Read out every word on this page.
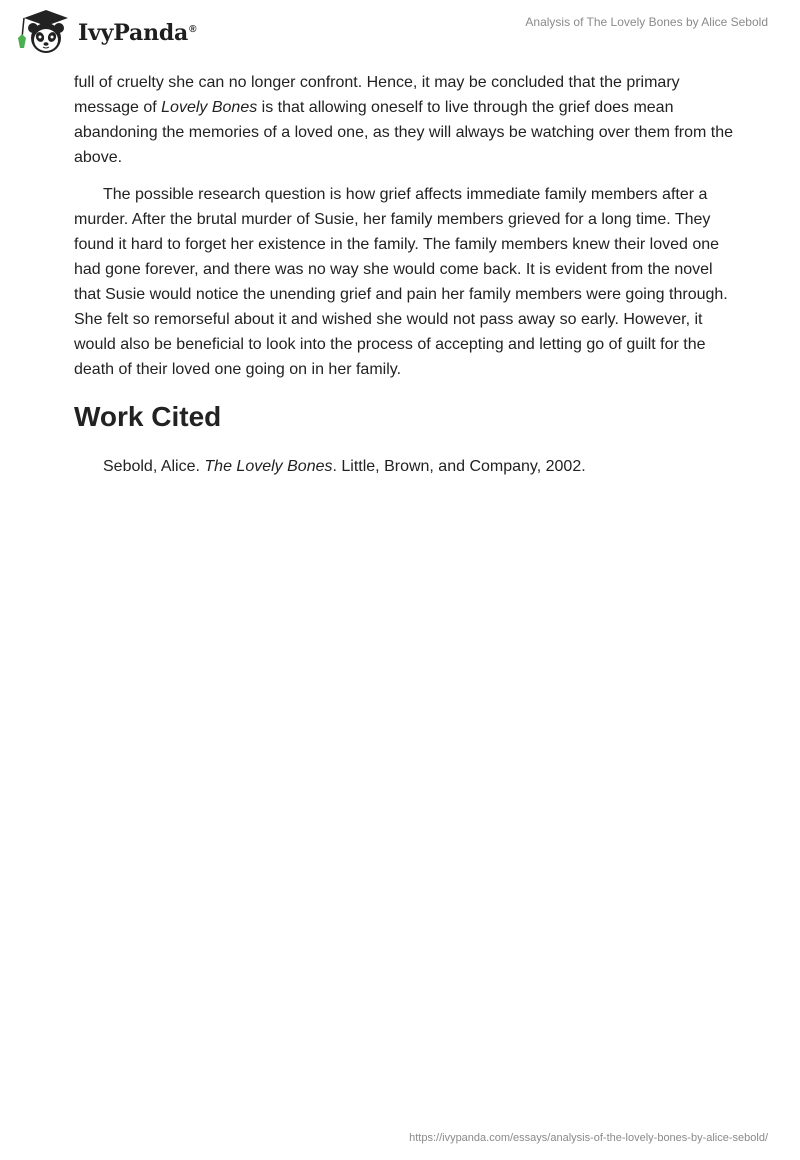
IvyPanda®
Analysis of The Lovely Bones by Alice Sebold

full of cruelty she can no longer confront. Hence, it may be concluded that the primary message of Lovely Bones is that allowing oneself to live through the grief does mean abandoning the memories of a loved one, as they will always be watching over them from the above.

The possible research question is how grief affects immediate family members after a murder. After the brutal murder of Susie, her family members grieved for a long time. They found it hard to forget her existence in the family. The family members knew their loved one had gone forever, and there was no way she would come back. It is evident from the novel that Susie would notice the unending grief and pain her family members were going through. She felt so remorseful about it and wished she would not pass away so early. However, it would also be beneficial to look into the process of accepting and letting go of guilt for the death of their loved one going on in her family.

Work Cited

Sebold, Alice. The Lovely Bones. Little, Brown, and Company, 2002.

https://ivypanda.com/essays/analysis-of-the-lovely-bones-by-alice-sebold/
